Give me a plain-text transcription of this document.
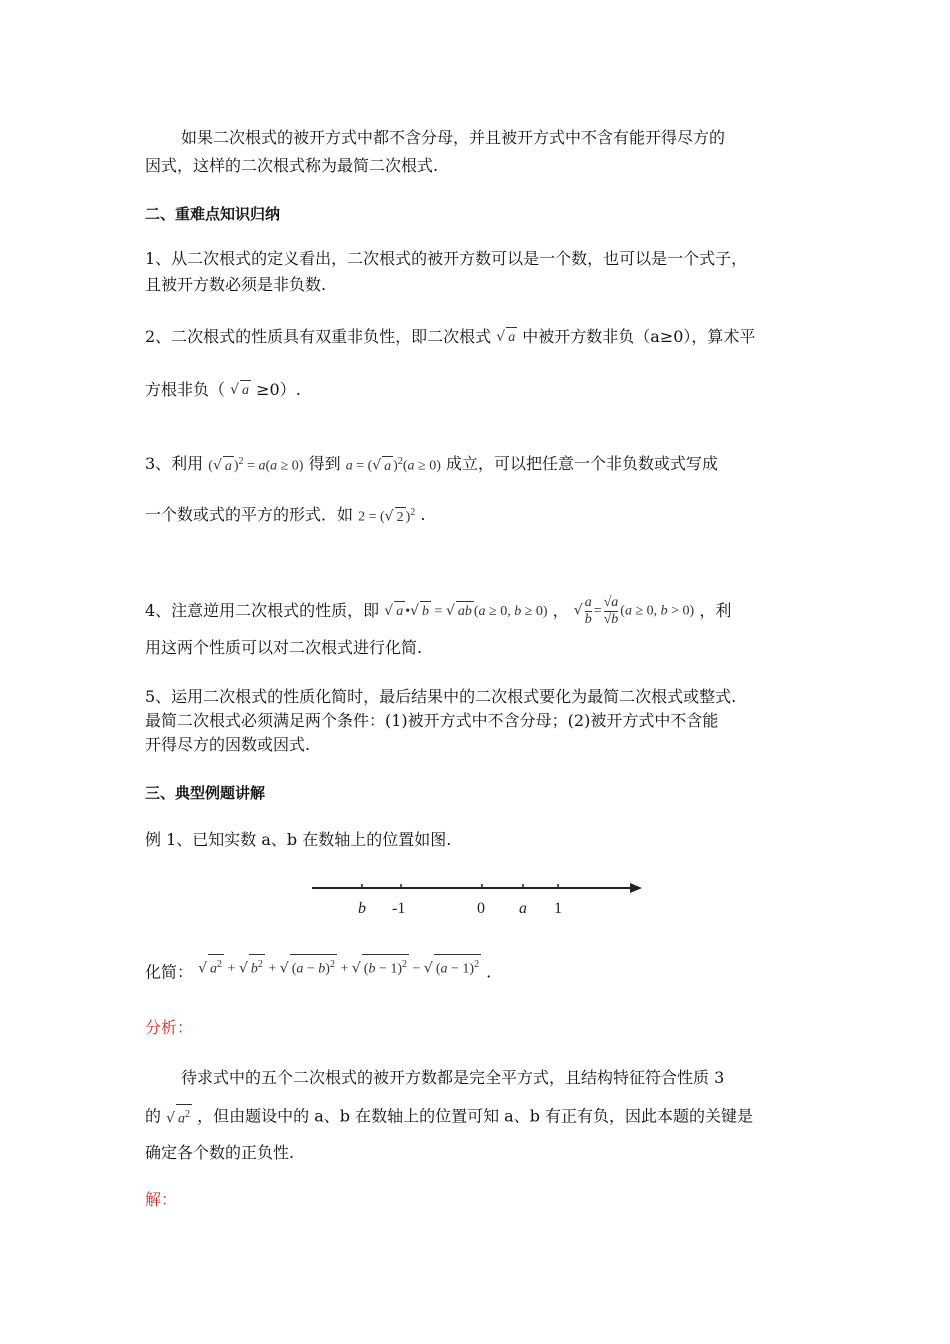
如果二次根式的被开方式中都不含分母，并且被开方式中不含有能开得尽方的
因式，这样的二次根式称为最简二次根式.
二、重难点知识归纳
1、从二次根式的定义看出，二次根式的被开方数可以是一个数，也可以是一个式子，
且被开方数必须是非负数.
2、二次根式的性质具有双重非负性，即二次根式 √ a 中被开方数非负（a≥0），算术平
方根非负（ √ a ≥0）.
3、利用 (√ a )$^2$ = a(a ≥ 0) 得到 a = (√ a )$^2$(a ≥ 0) 成立，可以把任意一个非负数或式写成
一个数或式的平方的形式．如 2 = (√ 2 )$^2$ .
4、注意逆用二次根式的性质，即 √ a •√ b = √ ab (a ≥ 0, b ≥ 0) ， √ $\frac{a}{b} = \frac{√a}{√b} (a \ge 0$, b > 0) ，利
用这两个性质可以对二次根式进行化简.
5、运用二次根式的性质化简时，最后结果中的二次根式要化为最简二次根式或整式.
最简二次根式必须满足两个条件：(1)被开方式中不含分母；(2)被开方式中不含能
开得尽方的因数或因式.
三、典型例题讲解
例 1、已知实数 a、b 在数轴上的位置如图.
b -1	0 a 1
化简： √ $a^2$ + √ $b^2$ + √ $(a - b)^2$ + √ $(b - 1)^2$ − √ $(a - 1)^2$ .
分析：
待求式中的五个二次根式的被开方数都是完全平方式，且结构特征符合性质 3
的 √ $a^2$ ，但由题设中的 a、b 在数轴上的位置可知 a、b 有正有负，因此本题的关键是
确定各个数的正负性.
解：
